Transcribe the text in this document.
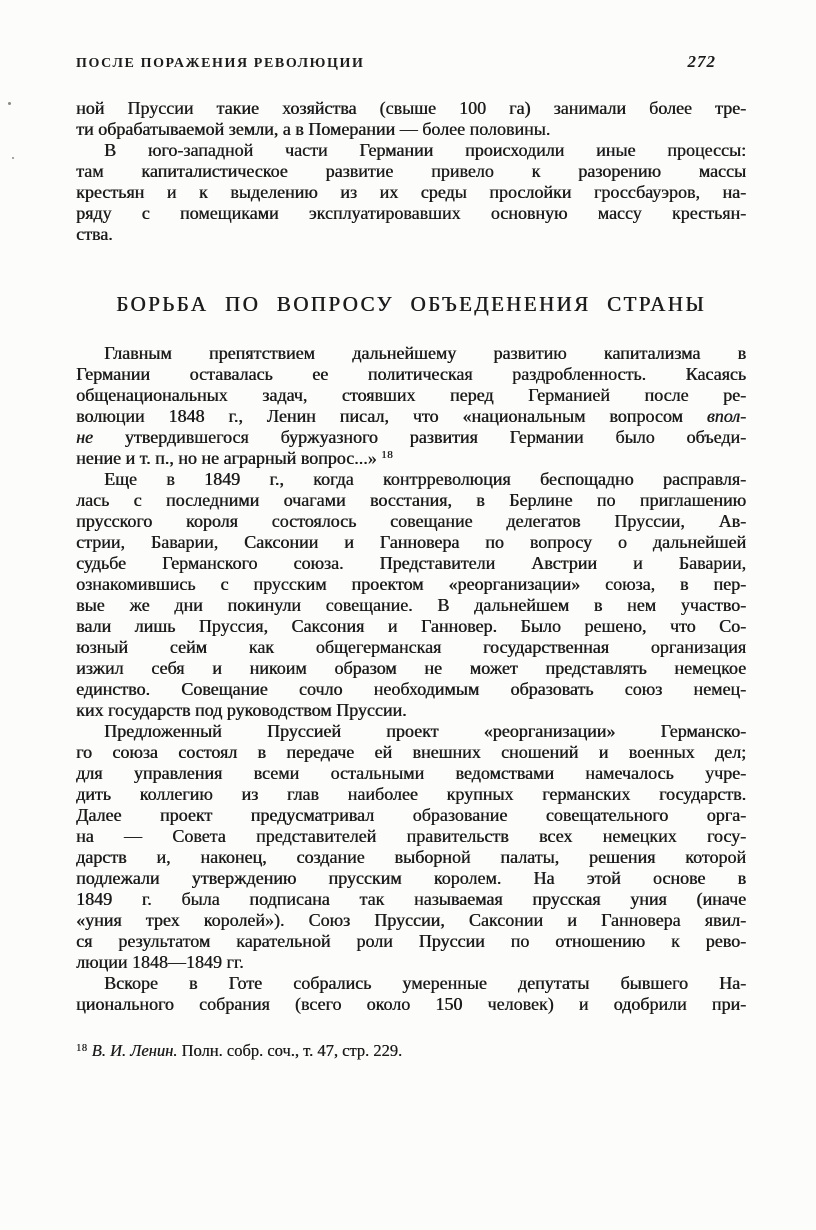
ПОСЛЕ ПОРАЖЕНИЯ РЕВОЛЮЦИИ	272
ной Пруссии такие хозяйства (свыше 100 га) занимали более тре-
ти обрабатываемой земли, а в Померании — более половины.
В юго-западной части Германии происходили иные процессы:
там капиталистическое развитие привело к разорению массы
крестьян и к выделению из их среды прослойки гроссбауэров, на-
ряду с помещиками эксплуатировавших основную массу крестьян-
ства.
БОРЬБА ПО ВОПРОСУ ОБЪЕДЕНЕНИЯ СТРАНЫ
Главным препятствием дальнейшему развитию капитализма в
Германии оставалась ее политическая раздробленность. Касаясь
общенациональных задач, стоявших перед Германией после ре-
волюции 1848 г., Ленин писал, что «национальным вопросом впол-
не утвердившегося буржуазного развития Германии было объеди-
нение и т. п., но не аграрный вопрос...» $^{18}$
Еще в 1849 г., когда контрреволюция беспощадно расправля-
лась с последними очагами восстания, в Берлине по приглашению
прусского короля состоялось совещание делегатов Пруссии, Ав-
стрии, Баварии, Саксонии и Ганновера по вопросу о дальнейшей
судьбе Германского союза. Представители Австрии и Баварии,
ознакомившись с прусским проектом «реорганизации» союза, в пер-
вые же дни покинули совещание. В дальнейшем в нем участво-
вали лишь Пруссия, Саксония и Ганновер. Было решено, что Со-
юзный сейм как общегерманская государственная организация
изжил себя и никоим образом не может представлять немецкое
единство. Совещание сочло необходимым образовать союз немец-
ких государств под руководством Пруссии.
Предложенный Пруссией проект «реорганизации» Германско-
го союза состоял в передаче ей внешних сношений и военных дел;
для управления всеми остальными ведомствами намечалось учре-
дить коллегию из глав наиболее крупных германских государств.
Далее проект предусматривал образование совещательного орга-
на — Совета представителей правительств всех немецких госу-
дарств и, наконец, создание выборной палаты, решения которой
подлежали утверждению прусским королем. На этой основе в
1849 г. была подписана так называемая прусская уния (иначе
«уния трех королей»). Союз Пруссии, Саксонии и Ганновера явил-
ся результатом карательной роли Пруссии по отношению к рево-
люции 1848—1849 гг.
Вскоре в Готе собрались умеренные депутаты бывшего На-
ционального собрания (всего около 150 человек) и одобрили при-
$^{18}$ В. И. Ленин. Полн. собр. соч., т. 47, стр. 229.
